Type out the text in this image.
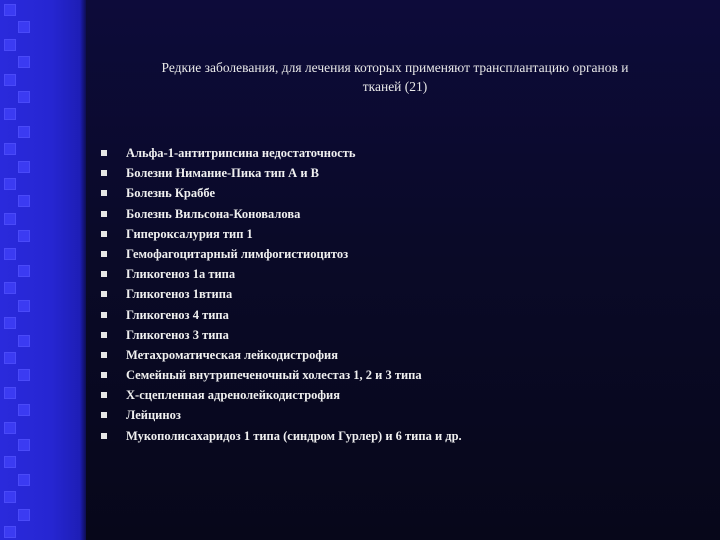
Редкие заболевания, для лечения которых применяют трансплантацию органов и
тканей (21)
Альфа-1-антитрипсина недостаточность
Болезни Нимание-Пика тип А и В
Болезнь Краббе
Болезнь Вильсона-Коновалова
Гипероксалурия тип 1
Гемофагоцитарный лимфогистиоцитоз
Гликогеноз 1а типа
Гликогеноз 1втипа
Гликогеноз 4 типа
Гликогеноз 3 типа
Метахроматическая лейкодистрофия
Семейный внутрипеченочный холестаз 1, 2 и 3 типа
Х-сцепленная адренолейкодистрофия
Лейциноз
Мукополисахаридоз 1 типа (синдром Гурлер) и 6 типа и др.
